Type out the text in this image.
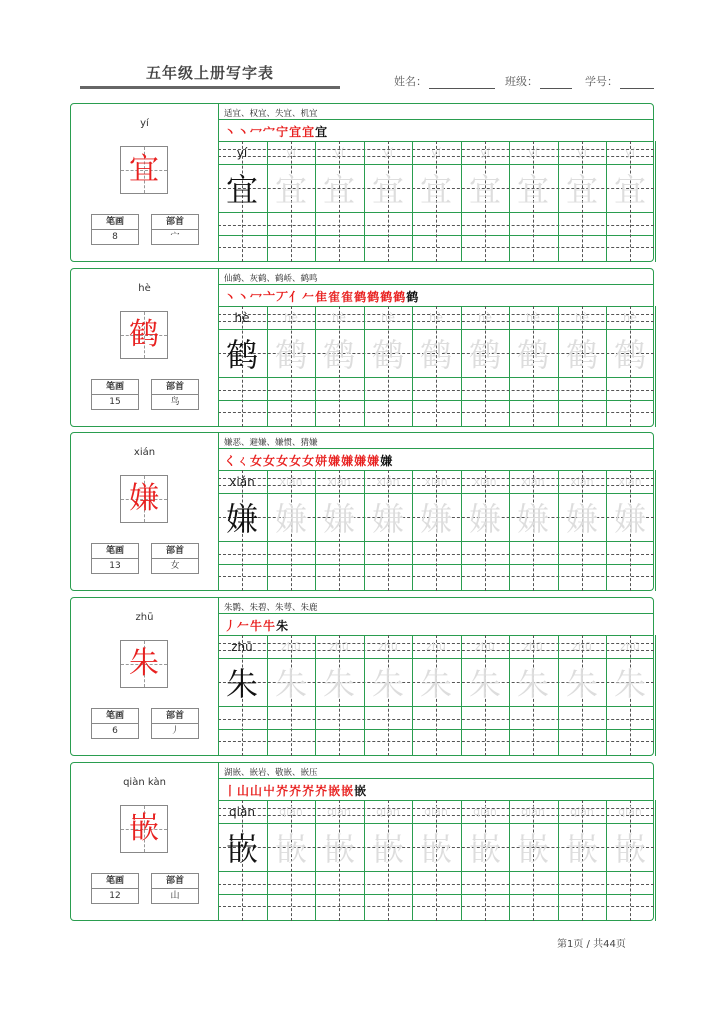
五年级上册写字表	姓名：	班级：	学号：
yí
宜
笔画
8
部首
宀
适宜、权宜、失宜、机宜
丶丶冖宀宁宜宜宜
yí
宜
yí
宜
yí
宜
yí
宜
yí
宜
yí
宜
yí
宜
yí
宜
yí
宜
hè
鹤
笔画
15
部首
鸟
仙鹤、灰鹤、鹤峤、鹤鸣
丶丶冖亠丆亻𠂉隹隺隺鹤鹤鹤鹤鹤
hè
鹤
hè
鹤
hè
鹤
hè
鹤
hè
鹤
hè
鹤
hè
鹤
hè
鹤
hè
鹤
xián
嫌
笔画
13
部首
女
嫌恶、避嫌、嫌惯、猜嫌
くㄑ女女女女女姘嫌嫌嫌嫌嫌
xián
嫌
xián
嫌
xián
嫌
xián
嫌
xián
嫌
xián
嫌
xián
嫌
xián
嫌
xián
嫌
zhū
朱
笔画
6
部首
丿
朱鹮、朱碧、朱萼、朱鹿
丿𠂉牛牛朱
zhū
朱
zhū
朱
zhū
朱
zhū
朱
zhū
朱
zhū
朱
zhū
朱
zhū
朱
zhū
朱
qiàn kàn
嵌
笔画
12
部首
山
湖嵌、嵌岩、敬嵌、嵌压
丨山山屮岕岕岕岕嵌嵌嵌
qiàn
嵌
qiàn
嵌
qiàn
嵌
qiàn
嵌
qiàn
嵌
qiàn
嵌
qiàn
嵌
qiàn
嵌
qiàn
嵌
第1页 / 共44页
